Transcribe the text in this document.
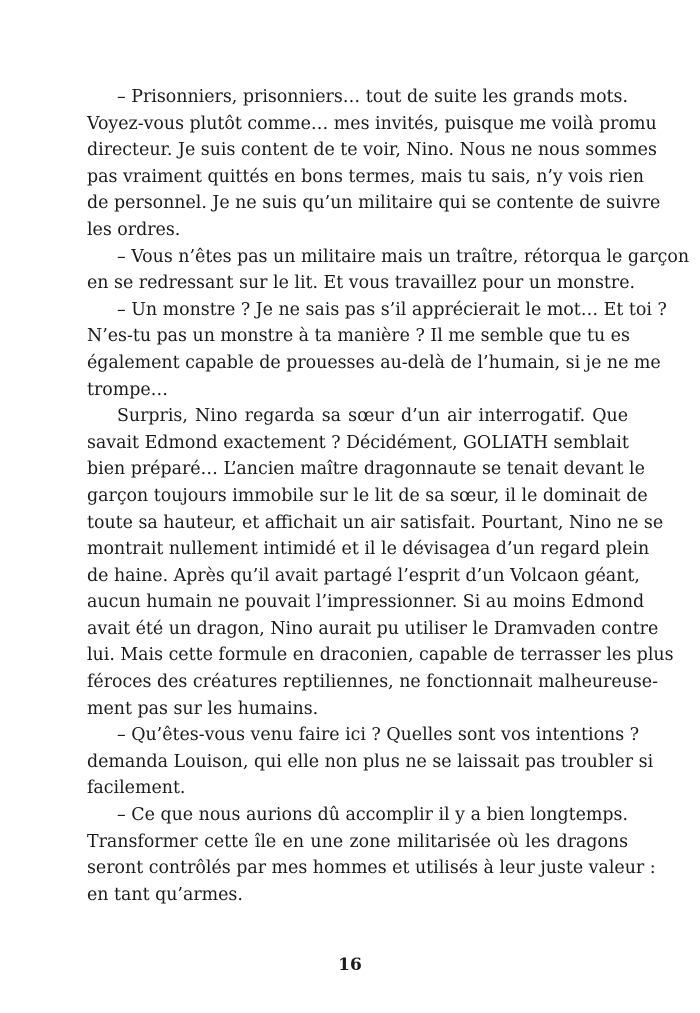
– Prisonniers, prisonniers… tout de suite les grands mots.
Voyez-vous plutôt comme… mes invités, puisque me voilà promu
directeur. Je suis content de te voir, Nino. Nous ne nous sommes
pas vraiment quittés en bons termes, mais tu sais, n’y vois rien
de personnel. Je ne suis qu’un militaire qui se contente de suivre
les ordres.
– Vous n’êtes pas un militaire mais un traître, rétorqua le garçon
en se redressant sur le lit. Et vous travaillez pour un monstre.
– Un monstre ? Je ne sais pas s’il apprécierait le mot… Et toi ?
N’es-tu pas un monstre à ta manière ? Il me semble que tu es
également capable de prouesses au-delà de l’humain, si je ne me
trompe…
Surpris, Nino regarda sa sœur d’un air interrogatif. Que
savait Edmond exactement ? Décidément, GOLIATH semblait
bien préparé… L’ancien maître dragonnaute se tenait devant le
garçon toujours immobile sur le lit de sa sœur, il le dominait de
toute sa hauteur, et affichait un air satisfait. Pourtant, Nino ne se
montrait nullement intimidé et il le dévisagea d’un regard plein
de haine. Après qu’il avait partagé l’esprit d’un Volcaon géant,
aucun humain ne pouvait l’impressionner. Si au moins Edmond
avait été un dragon, Nino aurait pu utiliser le Dramvaden contre
lui. Mais cette formule en draconien, capable de terrasser les plus
féroces des créatures reptiliennes, ne fonctionnait malheureuse-
ment pas sur les humains.
– Qu’êtes-vous venu faire ici ? Quelles sont vos intentions ?
demanda Louison, qui elle non plus ne se laissait pas troubler si
facilement.
– Ce que nous aurions dû accomplir il y a bien longtemps.
Transformer cette île en une zone militarisée où les dragons
seront contrôlés par mes hommes et utilisés à leur juste valeur :
en tant qu’armes.
16
